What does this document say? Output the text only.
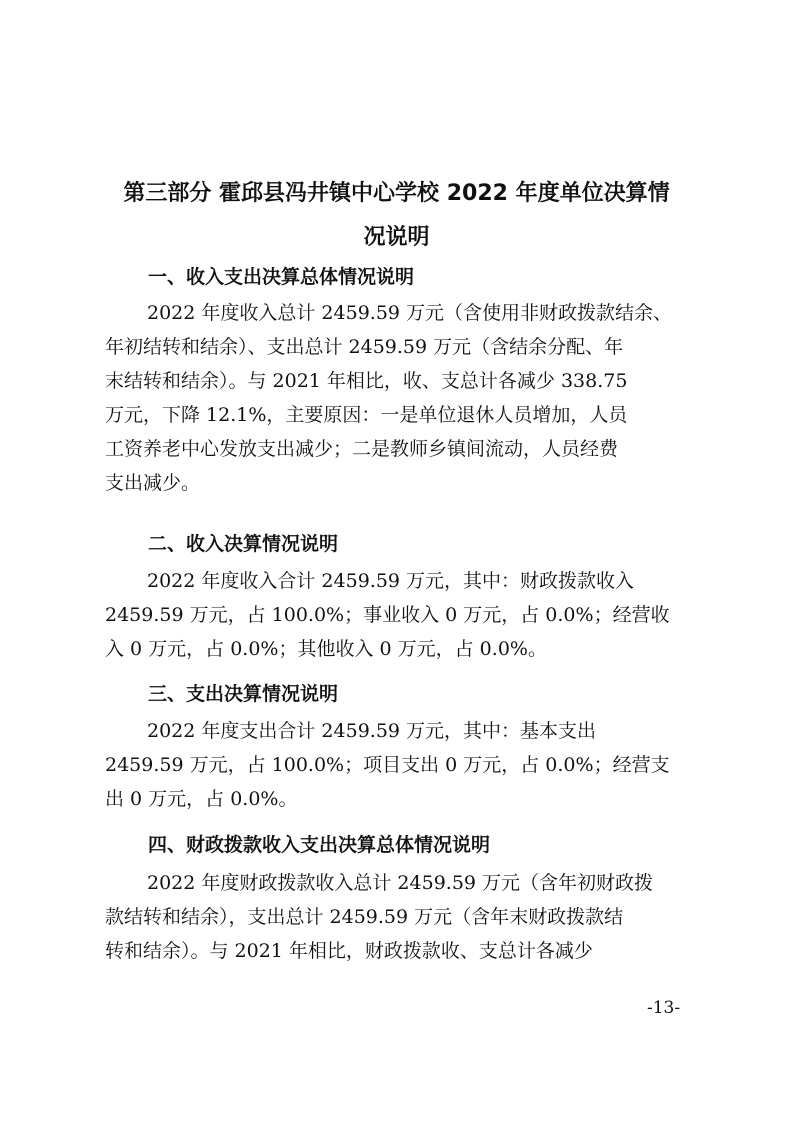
第三部分 霍邱县冯井镇中心学校 2022 年度单位决算情
况说明
一、收入支出决算总体情况说明
2022 年度收入总计 2459.59 万元（含使用非财政拨款结余、
年初结转和结余）、支出总计 2459.59 万元（含结余分配、年
末结转和结余）。与 2021 年相比，收、支总计各减少 338.75
万元，下降 12.1%，主要原因：一是单位退休人员增加，人员
工资养老中心发放支出减少；二是教师乡镇间流动，人员经费
支出减少。
二、收入决算情况说明
2022 年度收入合计 2459.59 万元，其中：财政拨款收入
2459.59 万元，占 100.0%；事业收入 0 万元，占 0.0%；经营收
入 0 万元，占 0.0%；其他收入 0 万元，占 0.0%。
三、支出决算情况说明
2022 年度支出合计 2459.59 万元，其中：基本支出
2459.59 万元，占 100.0%；项目支出 0 万元，占 0.0%；经营支
出 0 万元，占 0.0%。
四、财政拨款收入支出决算总体情况说明
2022 年度财政拨款收入总计 2459.59 万元（含年初财政拨
款结转和结余），支出总计 2459.59 万元（含年末财政拨款结
转和结余）。与 2021 年相比，财政拨款收、支总计各减少
-13-
